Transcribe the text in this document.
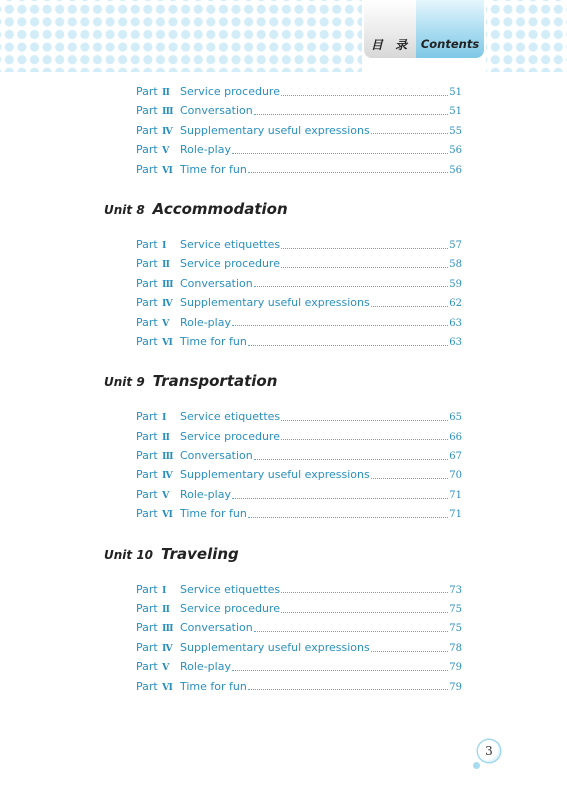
目 录 Contents
Part Ⅱ Service procedure	51
Part Ⅲ Conversation	51
Part Ⅳ Supplementary useful expressions	55
Part Ⅴ Role-play	56
Part Ⅵ Time for fun	56
Unit 8 Accommodation
Part Ⅰ	Service etiquettes	57
Part Ⅱ Service procedure	58
Part Ⅲ Conversation	59
Part Ⅳ Supplementary useful expressions	62
Part Ⅴ Role-play	63
Part Ⅵ Time for fun	63
Unit 9 Transportation
Part Ⅰ	Service etiquettes	65
Part Ⅱ Service procedure	66
Part Ⅲ Conversation	67
Part Ⅳ Supplementary useful expressions	70
Part Ⅴ Role-play	71
Part Ⅵ Time for fun	71
Unit 10 Traveling
Part Ⅰ	Service etiquettes	73
Part Ⅱ Service procedure	75
Part Ⅲ Conversation	75
Part Ⅳ Supplementary useful expressions	78
Part Ⅴ Role-play	79
Part Ⅵ Time for fun	79
3
